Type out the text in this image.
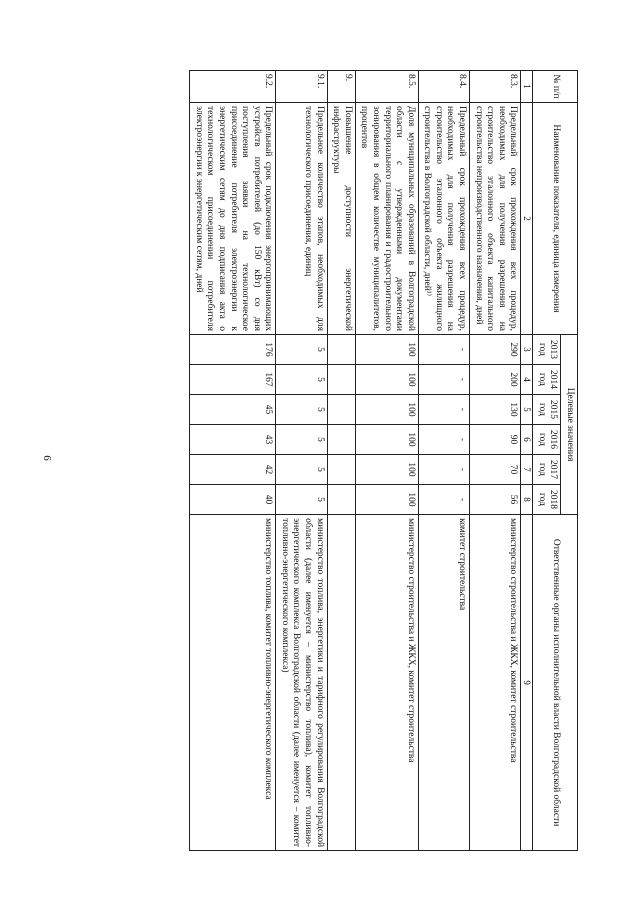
6
№ п/п	Наименование показателя, единица измерения	Целевые значения						Ответственные органы исполнительной власти Волгоградской области
		2013 год	2014 год	2015 год	2016 год	2017 год	2018 год	
1	2	3	4	5	6	7	8	9
8.3.	Предельный срок прохождения всех процедур, необходимых для получения разрешения на строительство эталонного объекта капитального строительства непроизводственного назначения, дней	290	200	130	90	70	56	министерство строительства и ЖКХ, комитет строительства
8.4.	Предельный срок прохождения всех процедур, необходимых для получения разрешения на строительство эталонного объекта жилищного строительства в Волгоградской области, дней¹⁾	-	-	-	-	-	-	комитет строительства
8.5.	Доля муниципальных образований в Волгоградской области с утвержденными документами территориального планирования и градостроительного зонирования в общем количестве муниципалитетов, процентов	100	100	100	100	100	100	министерство строительства и ЖКХ, комитет строительства
9.	Повышение доступности энергетической инфраструктуры							
9.1.	Предельное количество этапов, необходимых для технологического присоединения, единиц	5	5	5	5	5	5	министерство топлива, энергетики и тарифного регулирования Волгоградской области (далее именуется – министерство топлива), комитет топливно-энергетического комплекса Волгоградской области (далее именуется – комитет топливно-энергетического комплекса)
9.2.	Предельный срок подключения энергопринимающих устройств потребителей (до 150 кВт) со дня поступления заявки на технологическое присоединение потребителя электроэнергии к энергетическим сетям до дня подписания акта о технологическом присоединении потребителя электроэнергии к энергетическим сетям, дней	176	167	45	43	42	40	министерство топлива, комитет топливно-энергетического комплекса
